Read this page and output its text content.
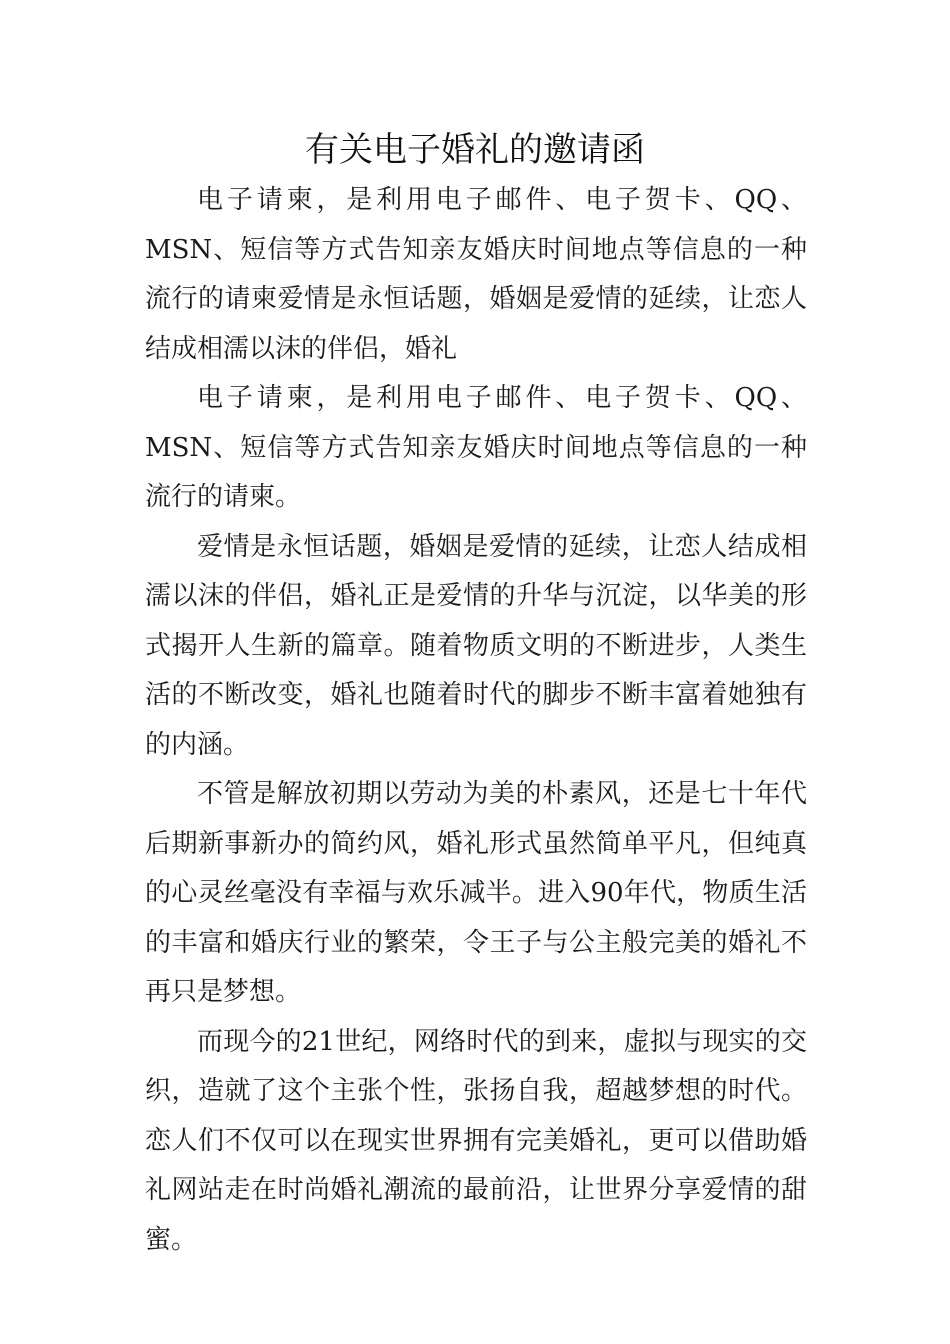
有关电子婚礼的邀请函

电子请柬，是利用电子邮件、电子贺卡、QQ、MSN、短信等方式告知亲友婚庆时间地点等信息的一种流行的请柬爱情是永恒话题，婚姻是爱情的延续，让恋人结成相濡以沫的伴侣，婚礼

电子请柬，是利用电子邮件、电子贺卡、QQ、MSN、短信等方式告知亲友婚庆时间地点等信息的一种流行的请柬。

爱情是永恒话题，婚姻是爱情的延续，让恋人结成相濡以沫的伴侣，婚礼正是爱情的升华与沉淀，以华美的形式揭开人生新的篇章。随着物质文明的不断进步，人类生活的不断改变，婚礼也随着时代的脚步不断丰富着她独有的内涵。

不管是解放初期以劳动为美的朴素风，还是七十年代后期新事新办的简约风，婚礼形式虽然简单平凡，但纯真的心灵丝毫没有幸福与欢乐减半。进入90年代，物质生活的丰富和婚庆行业的繁荣，令王子与公主般完美的婚礼不再只是梦想。

而现今的21世纪，网络时代的到来，虚拟与现实的交织，造就了这个主张个性，张扬自我，超越梦想的时代。恋人们不仅可以在现实世界拥有完美婚礼，更可以借助婚礼网站走在时尚婚礼潮流的最前沿，让世界分享爱情的甜蜜。
